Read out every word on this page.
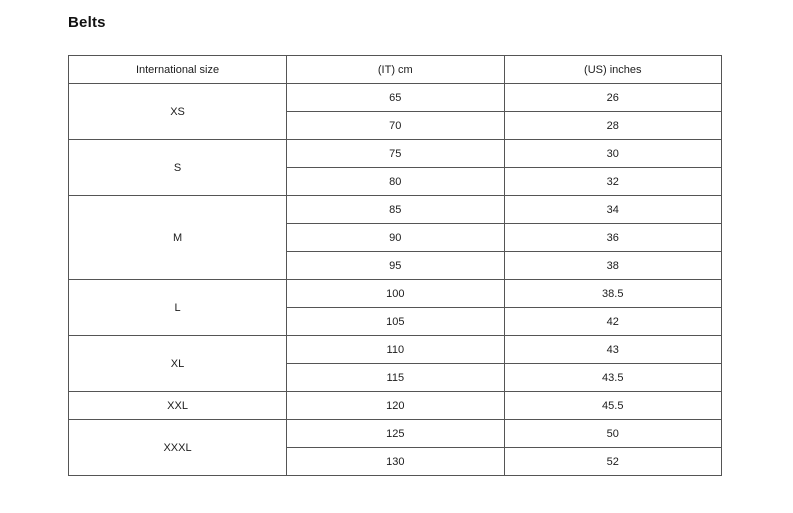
Belts
International size	(IT) cm	(US) inches
XS	65	26
	70	28
S	75	30
	80	32
M	85	34
	90	36
	95	38
L	100	38.5
	105	42
XL	110	43
	115	43.5
XXL	120	45.5
XXXL	125	50
	130	52
